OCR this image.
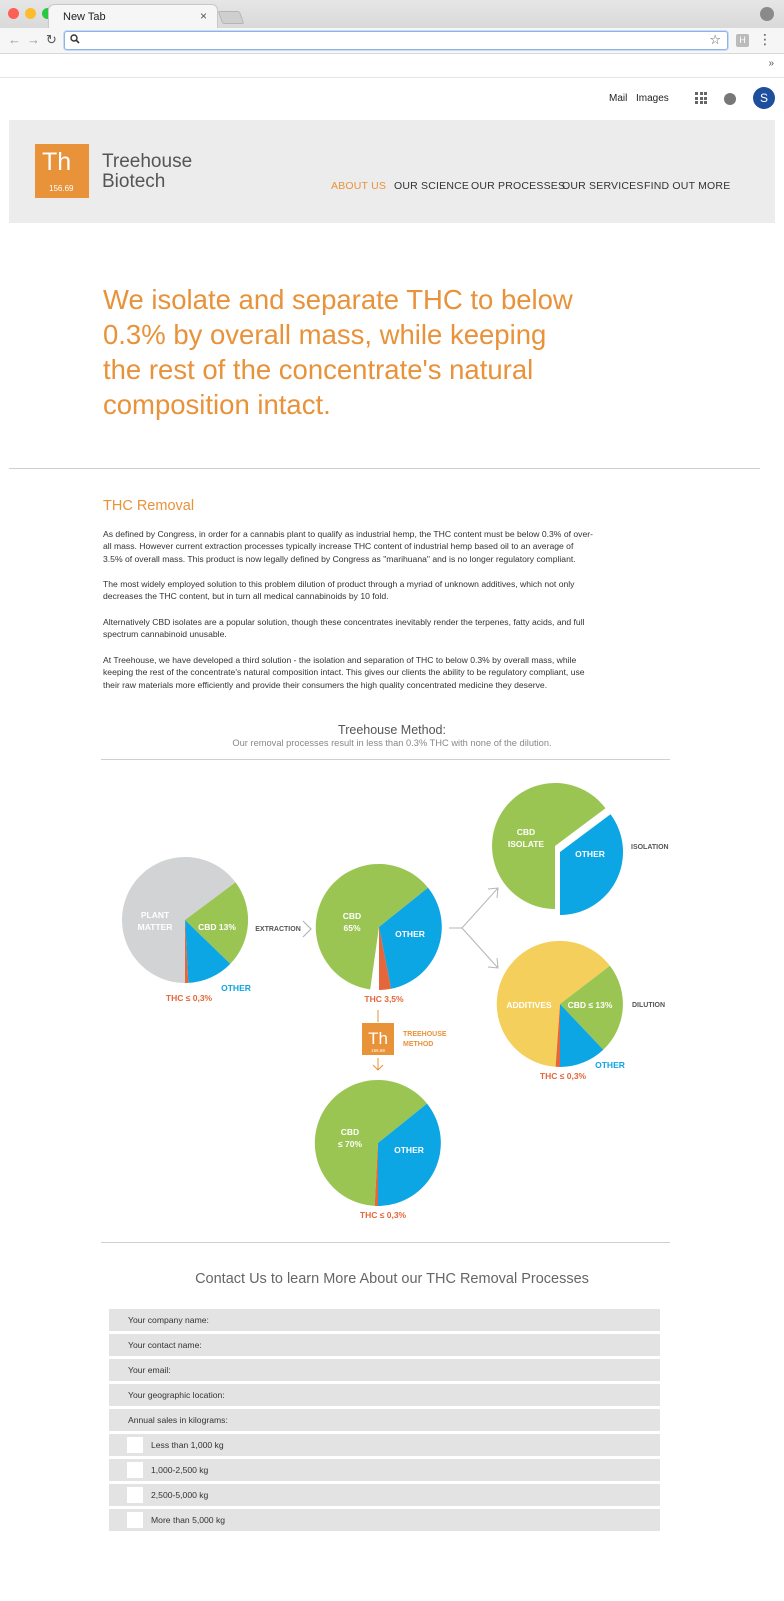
New Tab	×
← → ↻	☆	H ⋮
»
Mail Images	S
Th
156.69
Treehouse
Biotech	ABOUT US OUR SCIENCE OUR PROCESSES
OUR SERVICES FIND OUT MORE
We isolate and separate THC to below
0.3% by overall mass, while keeping
the rest of the concentrate's natural
composition intact.
THC Removal
As defined by Congress, in order for a cannabis plant to qualify as industrial hemp, the THC content must be below 0.3% of over-
all mass. However current extraction processes typically increase THC content of industrial hemp based oil to an average of
3.5% of overall mass. This product is now legally defined by Congress as "marihuana" and is no longer regulatory compliant.
The most widely employed solution to this problem dilution of product through a myriad of unknown additives, which not only
decreases the THC content, but in turn all medical cannabinoids by 10 fold.
Alternatively CBD isolates are a popular solution, though these concentrates inevitably render the terpenes, fatty acids, and full
spectrum cannabinoid unusable.
At Treehouse, we have developed a third solution - the isolation and separation of THC to below 0.3% by overall mass, while
keeping the rest of the concentrate's natural composition intact. This gives our clients the ability to be regulatory compliant, use
their raw materials more efficiently and provide their consumers the high quality concentrated medicine they deserve.
Treehouse Method:
Our removal processes result in less than 0.3% THC with none of the dilution.
PLANT
MATTER	CBD 13%
OTHER
THC ≤ 0,3%
EXTRACTION
CBD
65%
OTHER
THC 3,5%
CBD
ISOLATE
OTHER
ISOLATION
ADDITIVES CBD ≤ 13%
OTHER
THC ≤ 0,3%
DILUTION
Th
156.69
TREEHOUSE
METHOD
CBD
≤ 70%
OTHER
THC ≤ 0,3%
Contact Us to learn More About our THC Removal Processes
Your company name:
Your contact name:
Your email:
Your geographic location:
Annual sales in kilograms:
Less than 1,000 kg
1,000-2,500 kg
2,500-5,000 kg
More than 5,000 kg
